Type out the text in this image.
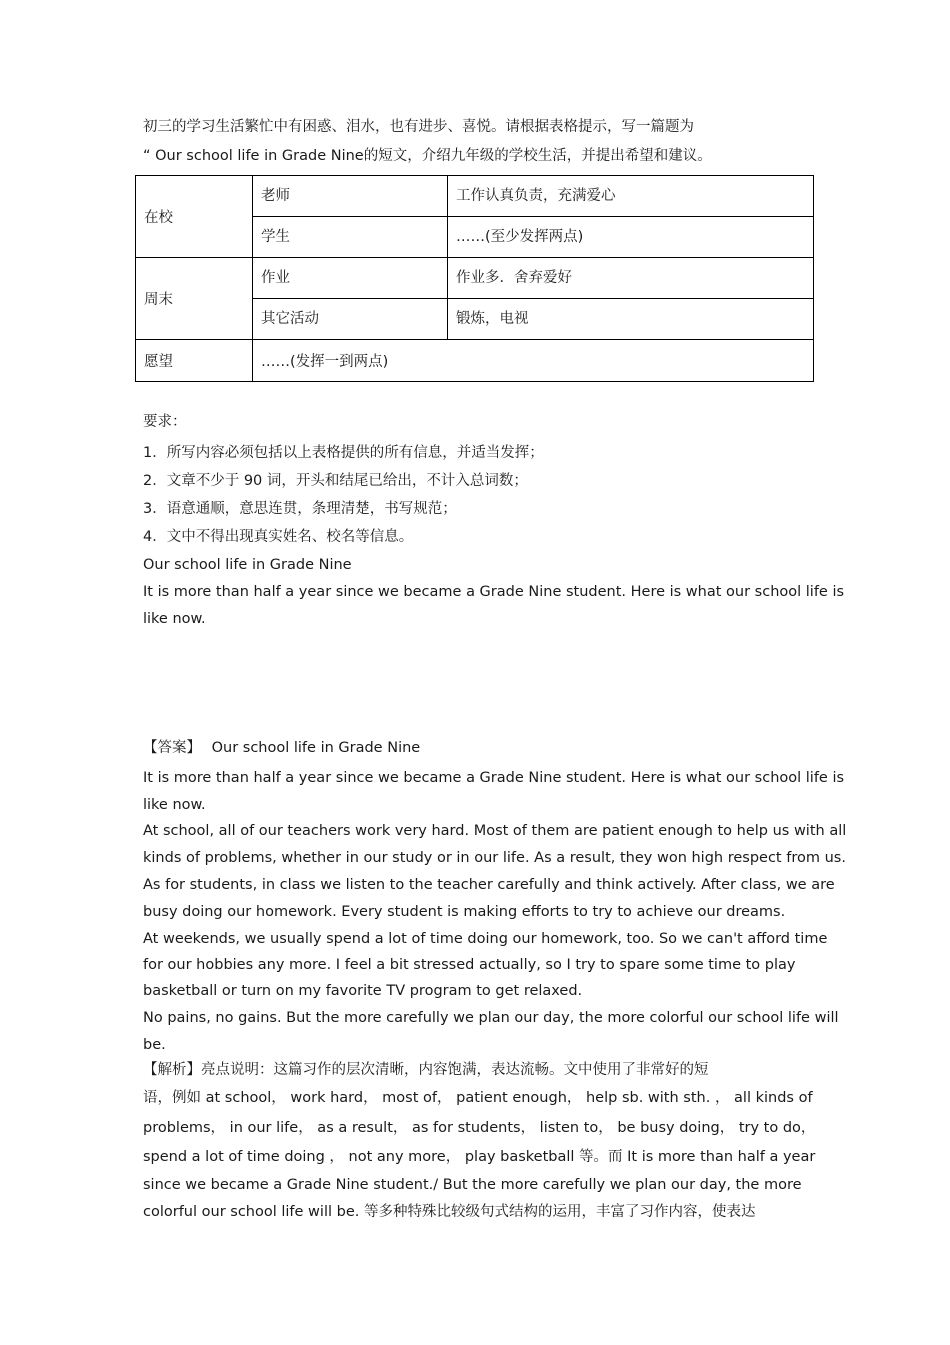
初三的学习生活繁忙中有困惑、泪水，也有进步、喜悦。请根据表格提示，写一篇题为
“ Our school life in Grade Nine的短文，介绍九年级的学校生活，并提出希望和建议。
在校	老师	工作认真负责，充满爱心
	学生	……(至少发挥两点)
周末	作业	作业多．舍弃爱好
	其它活动	锻炼，电视
愿望	……(发挥一到两点)	
要求：
1．所写内容必须包括以上表格提供的所有信息，并适当发挥；
2．文章不少于 90 词，开头和结尾已给出，不计入总词数；
3．语意通顺，意思连贯，条理清楚，书写规范；
4．文中不得出现真实姓名、校名等信息。
Our school life in Grade Nine
It is more than half a year since we became a Grade Nine student. Here is what our school life is
like now.
【答案】 Our school life in Grade Nine
It is more than half a year since we became a Grade Nine student. Here is what our school life is
like now.
At school, all of our teachers work very hard. Most of them are patient enough to help us with all
kinds of problems, whether in our study or in our life. As a result, they won high respect from us.
As for students, in class we listen to the teacher carefully and think actively. After class, we are
busy doing our homework. Every student is making efforts to try to achieve our dreams.
At weekends, we usually spend a lot of time doing our homework, too. So we can't afford time
for our hobbies any more. I feel a bit stressed actually, so I try to spare some time to play
basketball or turn on my favorite TV program to get relaxed.
No pains, no gains. But the more carefully we plan our day, the more colorful our school life will
be.
【解析】亮点说明：这篇习作的层次清晰，内容饱满，表达流畅。文中使用了非常好的短
语，例如 at school， work hard， most of， patient enough， help sb. with sth. ， all kinds of
problems， in our life， as a result， as for students， listen to， be busy doing， try to do，
spend a lot of time doing ， not any more， play basketball 等。而 It is more than half a year
since we became a Grade Nine student./ But the more carefully we plan our day, the more
colorful our school life will be. 等多种特殊比较级句式结构的运用，丰富了习作内容，使表达
